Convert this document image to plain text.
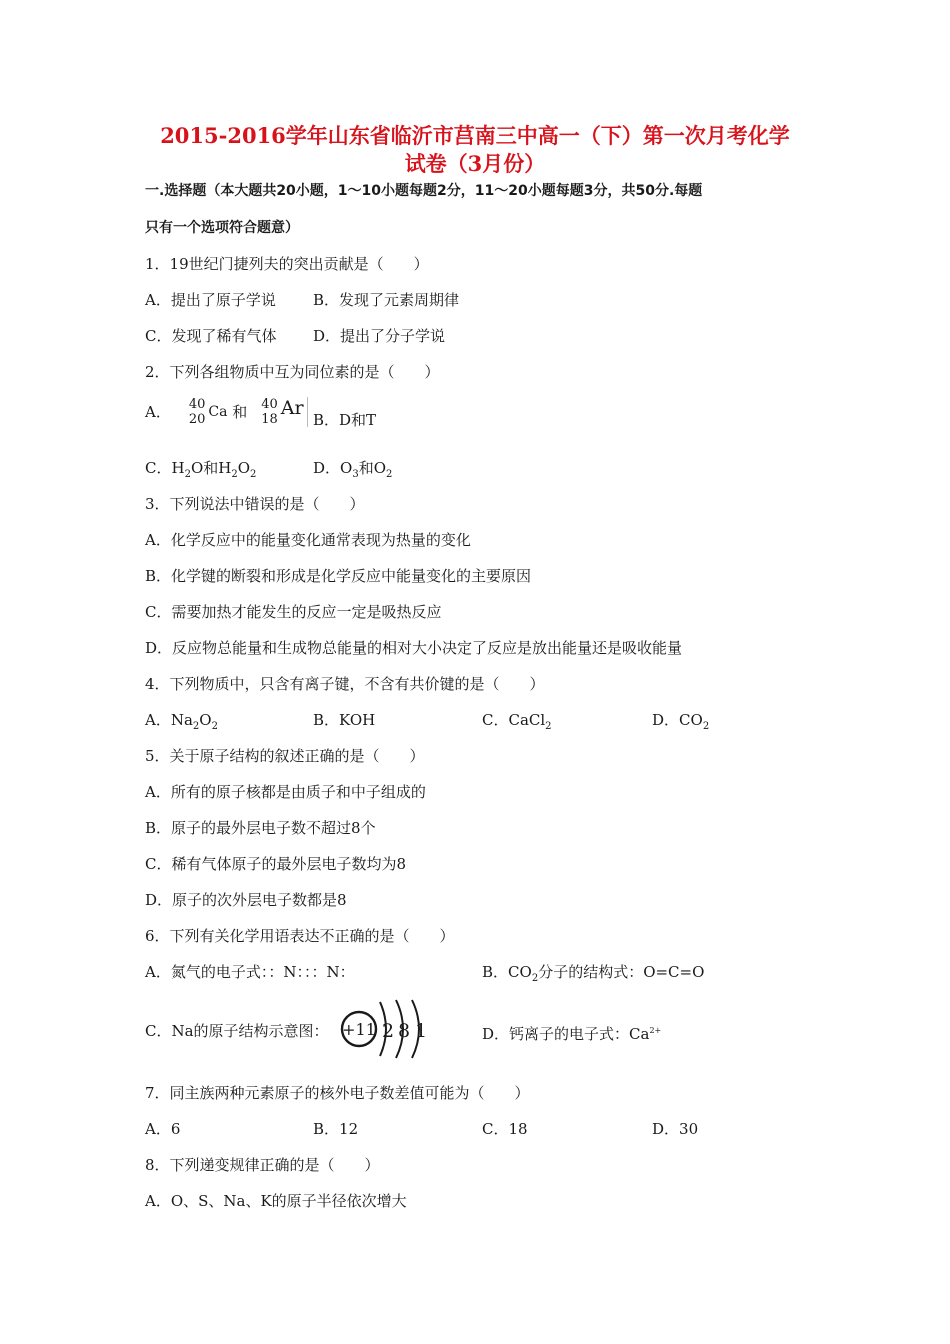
2015-2016学年山东省临沂市莒南三中高一（下）第一次月考化学
试卷（3月份）
一.选择题（本大题共20小题，1～10小题每题2分，11～20小题每题3分，共50分.每题
只有一个选项符合题意）
1．19世纪门捷列夫的突出贡献是（　　）
A．提出了原子学说 B．发现了元素周期律
C．发现了稀有气体 D．提出了分子学说
2．下列各组物质中互为同位素的是（　　）
A． 40
20 Ca 和 40
18
Ar
B．D和T
C．$H_2O$和$H_2O_2$	D．$O_3$和$O_2$
3．下列说法中错误的是（　　）
A．化学反应中的能量变化通常表现为热量的变化
B．化学键的断裂和形成是化学反应中能量变化的主要原因
C．需要加热才能发生的反应一定是吸热反应
D．反应物总能量和生成物总能量的相对大小决定了反应是放出能量还是吸收能量
4．下列物质中，只含有离子键，不含有共价键的是（　　）
A．$Na_2O_2$	B．KOH	C．CaCl$_2$	D．$CO_2$
5．关于原子结构的叙述正确的是（　　）
A．所有的原子核都是由质子和中子组成的
B．原子的最外层电子数不超过8个
C．稀有气体原子的最外层电子数均为8
D．原子的次外层电子数都是8
6．下列有关化学用语表达不正确的是（　　）
A．氮气的电子式：：N：：：N：	B．$CO_2$分子的结构式：O=C=O
C．Na的原子结构示意图： +11 2 8 1	D．钙离子的电子式：$Ca^{2+}$
7．同主族两种元素原子的核外电子数差值可能为（　　）
A．6	B．12	C．18	D．30
8．下列递变规律正确的是（　　）
A．O、S、Na、K的原子半径依次增大
